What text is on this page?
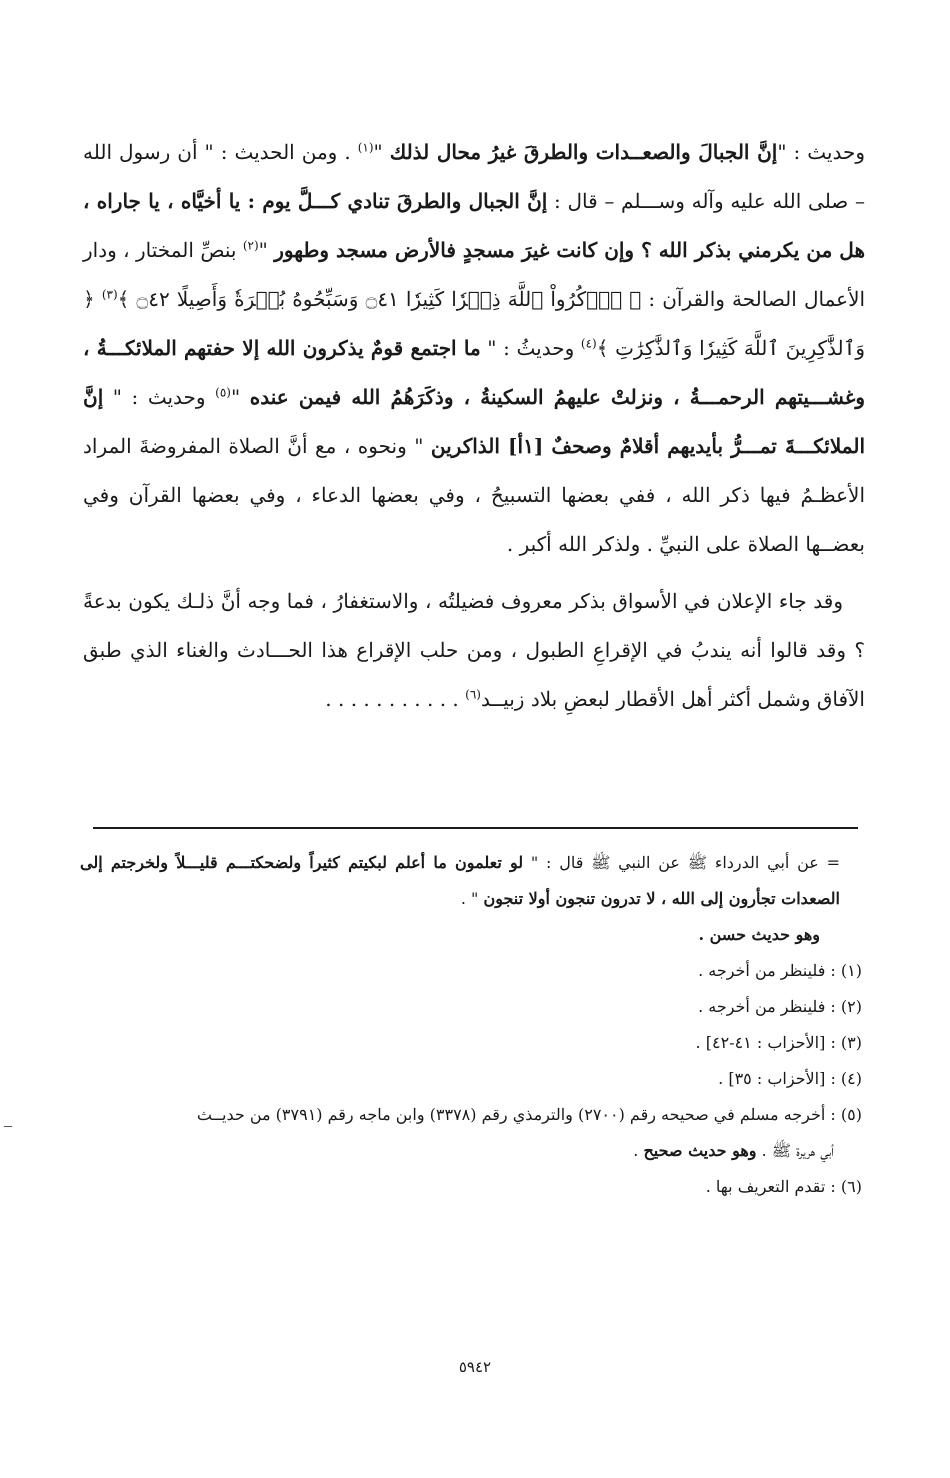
وحديث : "إنَّ الجبالَ والصعــدات والطرقَ غيرُ محال لذلك "$^{(١)}$ . ومن الحديث : " أن رسول الله – صلى الله عليه وآله وســـلم – قال : إنَّ الجبال والطرقَ تنادي كـــلَّ يوم : يا أخيَّاه ، يا جاراه ، هل من يكرمني بذكر الله ؟ وإن كانت غيرَ مسجدٍ فالأرض مسجد وطهور "$^{(٢)}$ بنصِّ المختار ، ودار الأعمال الصالحة والقرآن : ﴿ ٱذۡكُرُواْ ٱللَّهَ ذِكۡرٗا كَثِيرٗا ۝٤١ وَسَبِّحُوهُ بُكۡرَةٗ وَأَصِيلًا ۝٤٢ ﴾$^{(٣)}$ ﴿ وَٱلذَّٰكِرِينَ ٱللَّهَ كَثِيرٗا وَٱلذَّٰكِرَٰتِ ﴾$^{(٤)}$ وحديثُ : " ما اجتمع قومٌ يذكرون الله إلا حفتهم الملائكـــةُ ، وغشـــيتهم الرحمـــةُ ، ونزلتْ عليهمُ السكينةُ ، وذكَرَهُمُ الله فيمن عنده "$^{(٥)}$ وحديث : " إنَّ الملائكـــةَ تمـــرُّ بأيديهم أقلامٌ وصحفٌ [١أ] الذاكرين " ونحوه ، مع أنَّ الصلاة المفروضةَ المراد الأعظـمُ فيها ذكر الله ، ففي بعضها التسبيحُ ، وفي بعضها الدعاء ، وفي بعضها القرآن وفي بعضــها الصلاة على النبيِّ . ولذكر الله أكبر .

وقد جاء الإعلان في الأسواق بذكر معروف فضيلتُه ، والاستغفارُ ، فما وجه أنَّ ذلـك يكون بدعةً ؟ وقد قالوا أنه يندبُ في الإقراعِ الطبول ، ومن حلب الإقراع هذا الحـــادث والغناء الذي طبق الآفاق وشمل أكثر أهل الأقطار لبعضِ بلاد زبيــد$^{(٦)}$ . . . . . . . . . . .

= عن أبي الدرداء ﷺ عن النبي ﷺ قال : " لو تعلمون ما أعلم لبكيتم كثيراً ولضحكتـــم قليـــلاً ولخرجتم إلى الصعدات تجأرون إلى الله ، لا تدرون تنجون أولا تنجون " .
وهو حديث حسن .
(١) : فلينظر من أخرجه .
(٢) : فلينظر من أخرجه .
(٣) : [الأحزاب : ٤١-٤٢] .
(٤) : [الأحزاب : ٣٥] .
(٥) : أخرجه مسلم في صحيحه رقم (٢٧٠٠) والترمذي رقم (٣٣٧٨) وابن ماجه رقم (٣٧٩١) من حديــث
أبي هريرة ﷺ . وهو حديث صحيح .
(٦) : تقدم التعريف بها .
٥٩٤٢
